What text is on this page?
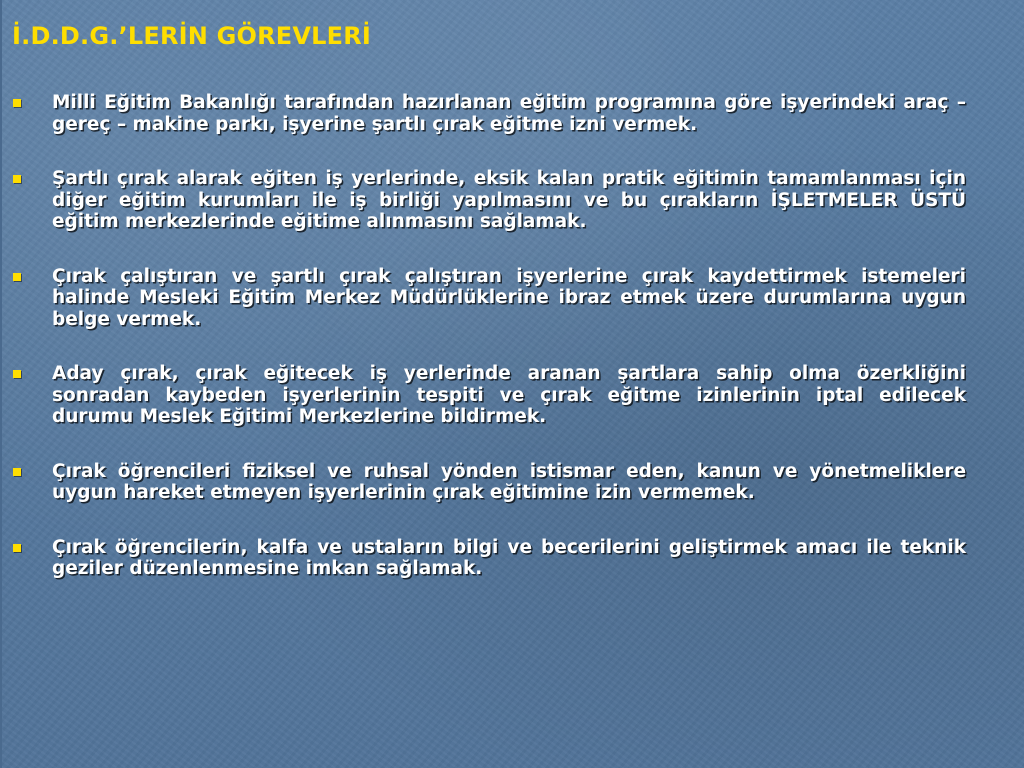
İ.D.D.G.’LERİN GÖREVLERİ
Milli Eğitim Bakanlığı tarafından hazırlanan eğitim programına göre işyerindeki araç – gereç – makine parkı, işyerine şartlı çırak eğitme izni vermek.
Şartlı çırak alarak eğiten iş yerlerinde, eksik kalan pratik eğitimin tamamlanması için diğer eğitim kurumları ile iş birliği yapılmasını ve bu çırakların İŞLETMELER ÜSTÜ eğitim merkezlerinde eğitime alınmasını sağlamak.
Çırak çalıştıran ve şartlı çırak çalıştıran işyerlerine çırak kaydettirmek istemeleri halinde Mesleki Eğitim Merkez Müdürlüklerine ibraz etmek üzere durumlarına uygun belge vermek.
Aday çırak, çırak eğitecek iş yerlerinde aranan şartlara sahip olma özerkliğini sonradan kaybeden işyerlerinin tespiti ve çırak eğitme izinlerinin iptal edilecek durumu Meslek Eğitimi Merkezlerine bildirmek.
Çırak öğrencileri fiziksel ve ruhsal yönden istismar eden, kanun ve yönetmeliklere uygun hareket etmeyen işyerlerinin çırak eğitimine izin vermemek.
Çırak öğrencilerin, kalfa ve ustaların bilgi ve becerilerini geliştirmek amacı ile teknik geziler düzenlenmesine imkan sağlamak.
